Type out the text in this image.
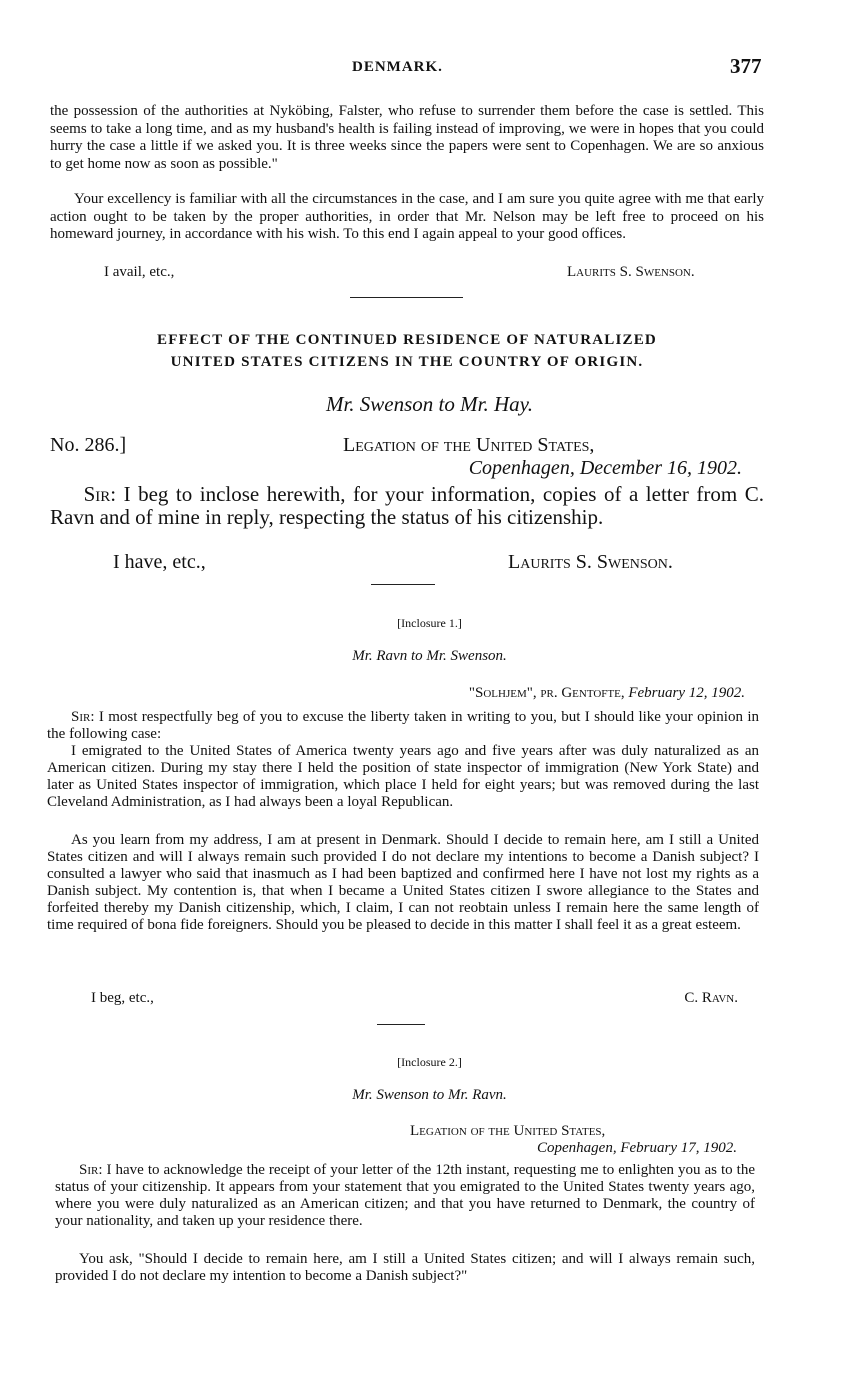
DENMARK.	377

the possession of the authorities at Nyköbing, Falster, who refuse to surrender them before the case is settled. This seems to take a long time, and as my husband's health is failing instead of improving, we were in hopes that you could hurry the case a little if we asked you. It is three weeks since the papers were sent to Copenhagen. We are so anxious to get home now as soon as possible."

Your excellency is familiar with all the circumstances in the case, and I am sure you quite agree with me that early action ought to be taken by the proper authorities, in order that Mr. Nelson may be left free to proceed on his homeward journey, in accordance with his wish. To this end I again appeal to your good offices.

I avail, etc.,	Laurits S. Swenson.

EFFECT OF THE CONTINUED RESIDENCE OF NATURALIZED

UNITED STATES CITIZENS IN THE COUNTRY OF ORIGIN.

Mr. Swenson to Mr. Hay.

No. 286.]	Legation of the United States,

Copenhagen, December 16, 1902.

Sir: I beg to inclose herewith, for your information, copies of a letter from C. Ravn and of mine in reply, respecting the status of his citizenship.

I have, etc.,	Laurits S. Swenson.

[Inclosure 1.]

Mr. Ravn to Mr. Swenson.

"Solhjem", pr. Gentofte, February 12, 1902.

Sir: I most respectfully beg of you to excuse the liberty taken in writing to you, but I should like your opinion in the following case:

I emigrated to the United States of America twenty years ago and five years after was duly naturalized as an American citizen. During my stay there I held the position of state inspector of immigration (New York State) and later as United States inspector of immigration, which place I held for eight years; but was removed during the last Cleveland Administration, as I had always been a loyal Republican.

As you learn from my address, I am at present in Denmark. Should I decide to remain here, am I still a United States citizen and will I always remain such provided I do not declare my intentions to become a Danish subject? I consulted a lawyer who said that inasmuch as I had been baptized and confirmed here I have not lost my rights as a Danish subject. My contention is, that when I became a United States citizen I swore allegiance to the States and forfeited thereby my Danish citizenship, which, I claim, I can not reobtain unless I remain here the same length of time required of bona fide foreigners. Should you be pleased to decide in this matter I shall feel it as a great esteem.

I beg, etc.,	C. Ravn.

[Inclosure 2.]

Mr. Swenson to Mr. Ravn.

Legation of the United States,

Copenhagen, February 17, 1902.

Sir: I have to acknowledge the receipt of your letter of the 12th instant, requesting me to enlighten you as to the status of your citizenship. It appears from your statement that you emigrated to the United States twenty years ago, where you were duly naturalized as an American citizen; and that you have returned to Denmark, the country of your nationality, and taken up your residence there.

You ask, "Should I decide to remain here, am I still a United States citizen; and will I always remain such, provided I do not declare my intention to become a Danish subject?"
